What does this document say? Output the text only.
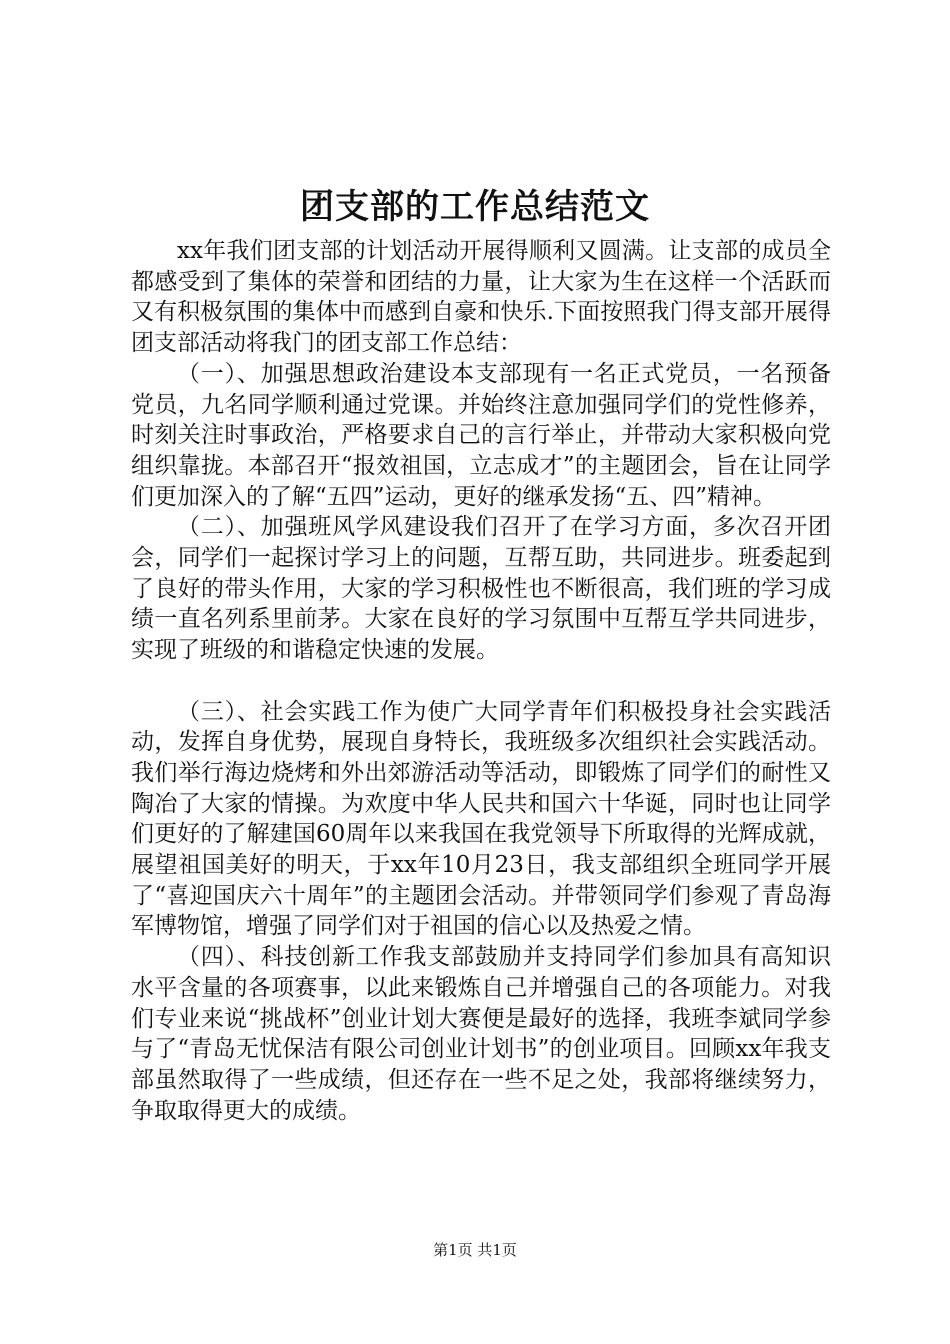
团支部的工作总结范文

xx年我们团支部的计划活动开展得顺利又圆满。让支部的成员全都感受到了集体的荣誉和团结的力量，让大家为生在这样一个活跃而又有积极氛围的集体中而感到自豪和快乐.下面按照我门得支部开展得团支部活动将我门的团支部工作总结：

（一）、加强思想政治建设本支部现有一名正式党员，一名预备党员，九名同学顺利通过党课。并始终注意加强同学们的党性修养，时刻关注时事政治，严格要求自己的言行举止，并带动大家积极向党组织靠拢。本部召开“报效祖国，立志成才”的主题团会，旨在让同学们更加深入的了解“五四”运动，更好的继承发扬“五、四”精神。

（二）、加强班风学风建设我们召开了在学习方面，多次召开团会，同学们一起探讨学习上的问题，互帮互助，共同进步。班委起到了良好的带头作用，大家的学习积极性也不断很高，我们班的学习成绩一直名列系里前茅。大家在良好的学习氛围中互帮互学共同进步，实现了班级的和谐稳定快速的发展。

（三）、社会实践工作为使广大同学青年们积极投身社会实践活动，发挥自身优势，展现自身特长，我班级多次组织社会实践活动。我们举行海边烧烤和外出郊游活动等活动，即锻炼了同学们的耐性又陶冶了大家的情操。为欢度中华人民共和国六十华诞，同时也让同学们更好的了解建国60周年以来我国在我党领导下所取得的光辉成就，展望祖国美好的明天，于xx年10月23日，我支部组织全班同学开展了“喜迎国庆六十周年”的主题团会活动。并带领同学们参观了青岛海军博物馆，增强了同学们对于祖国的信心以及热爱之情。

（四）、科技创新工作我支部鼓励并支持同学们参加具有高知识水平含量的各项赛事，以此来锻炼自己并增强自己的各项能力。对我们专业来说“挑战杯”创业计划大赛便是最好的选择，我班李斌同学参与了“青岛无忧保洁有限公司创业计划书”的创业项目。回顾xx年我支部虽然取得了一些成绩，但还存在一些不足之处，我部将继续努力，争取取得更大的成绩。

第1页 共1页
